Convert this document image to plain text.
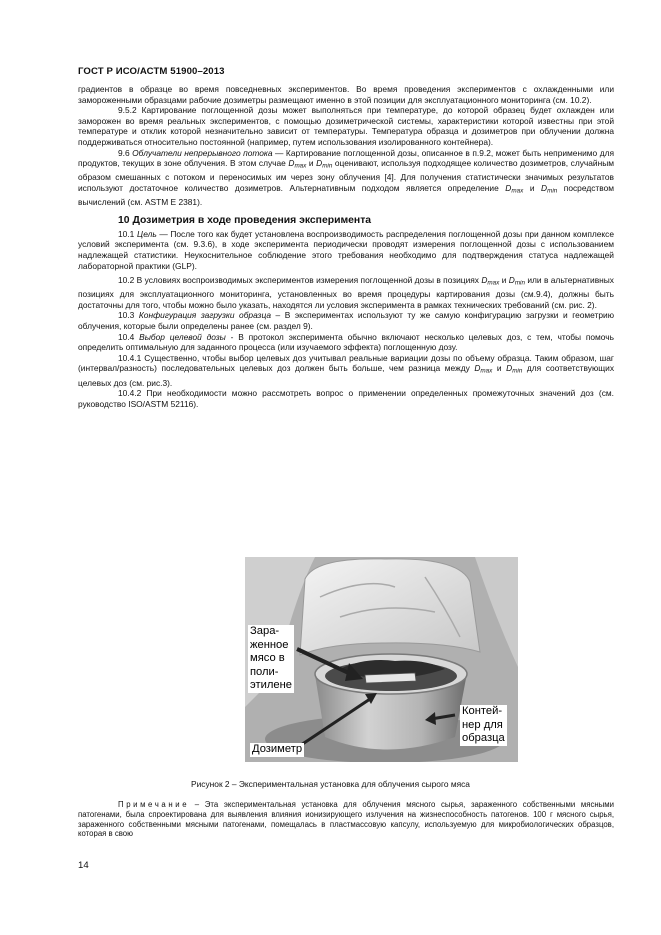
ГОСТ Р ИСО/АСТМ 51900–2013

градиентов в образце во время повседневных экспериментов. Во время проведения экспериментов с охлажденными или замороженными образцами рабочие дозиметры размещают именно в этой позиции для эксплуатационного мониторинга (см. 10.2).

9.5.2 Картирование поглощенной дозы может выполняться при температуре, до которой образец будет охлажден или заморожен во время реальных экспериментов, с помощью дозиметрической системы, характеристики которой известны при этой температуре и отклик которой незначительно зависит от температуры. Температура образца и дозиметров при облучении должна поддерживаться относительно постоянной (например, путем использования изолированного контейнера).

9.6 Облучатели непрерывного потока — Картирование поглощенной дозы, описанное в п.9.2, может быть неприменимо для продуктов, текущих в зоне облучения. В этом случае $D_{max}$ и $D_{min}$ оценивают, используя подходящее количество дозиметров, случайным образом смешанных с потоком и переносимых им через зону облучения [4]. Для получения статистически значимых результатов используют достаточное количество дозиметров. Альтернативным подходом является определение $D_{max}$ и $D_{min}$ посредством вычислений (см. ASTM E 2381).

10 Дозиметрия в ходе проведения эксперимента

10.1 Цель — После того как будет установлена воспроизводимость распределения поглощенной дозы при данном комплексе условий эксперимента (см. 9.3.6), в ходе эксперимента периодически проводят измерения поглощенной дозы с использованием надлежащей статистики. Неукоснительное соблюдение этого требования необходимо для подтверждения статуса надлежащей лабораторной практики (GLP).

10.2 В условиях воспроизводимых экспериментов измерения поглощенной дозы в позициях $D_{max}$ и $D_{min}$ или в альтернативных позициях для эксплуатационного мониторинга, установленных во время процедуры картирования дозы (см.9.4), должны быть достаточны для того, чтобы можно было указать, находятся ли условия эксперимента в рамках технических требований (см. рис. 2).

10.3 Конфигурация загрузки образца – В экспериментах используют ту же самую конфигурацию загрузки и геометрию облучения, которые были определены ранее (см. раздел 9).

10.4 Выбор целевой дозы - В протокол эксперимента обычно включают несколько целевых доз, с тем, чтобы помочь определить оптимальную для заданного процесса (или изучаемого эффекта) поглощенную дозу.

10.4.1 Существенно, чтобы выбор целевых доз учитывал реальные вариации дозы по объему образца. Таким образом, шаг (интервал/разность) последовательных целевых доз должен быть больше, чем разница между $D_{max}$ и $D_{min}$ для соответствующих целевых доз (см. рис.3).

10.4.2 При необходимости можно рассмотреть вопрос о применении определенных промежуточных значений доз (см. руководство ISO/ASTM 52116).

Зара-
женное
мясо в
поли-
этилене
Контей-
нер для
образца
Дозиметр
Рисунок 2 – Экспериментальная установка для облучения сырого мяса

Примечание – Эта экспериментальная установка для облучения мясного сырья, зараженного собственными мясными патогенами, была спроектирована для выявления влияния ионизирующего излучения на жизнеспособность патогенов. 100 г мясного сырья, зараженного собственными мясными патогенами, помещалась в пластмассовую капсулу, используемую для микробиологических образцов, которая в свою

14
